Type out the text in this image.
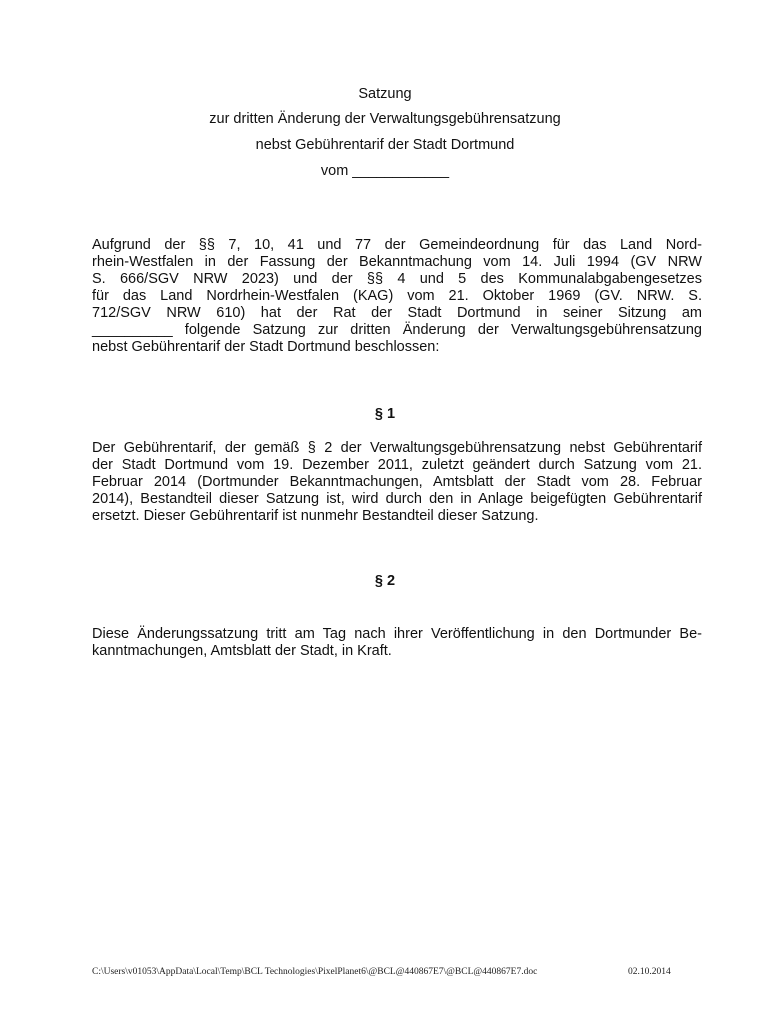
Satzung
zur dritten Änderung der Verwaltungsgebührensatzung
nebst Gebührentarif der Stadt Dortmund
vom ____________
Aufgrund der §§ 7, 10, 41 und 77 der Gemeindeordnung für das Land Nord-
rhein-Westfalen in der Fassung der Bekanntmachung vom 14. Juli 1994 (GV NRW
S. 666/SGV NRW 2023) und der §§ 4 und 5 des Kommunalabgabengesetzes
für das Land Nordrhein-Westfalen (KAG) vom 21. Oktober 1969 (GV. NRW. S.
712/SGV NRW 610) hat der Rat der Stadt Dortmund in seiner Sitzung am
__________ folgende Satzung zur dritten Änderung der Verwaltungsgebührensatzung
nebst Gebührentarif der Stadt Dortmund beschlossen:
§ 1
Der Gebührentarif, der gemäß § 2 der Verwaltungsgebührensatzung nebst Gebührentarif
der Stadt Dortmund vom 19. Dezember 2011, zuletzt geändert durch Satzung vom 21.
Februar 2014 (Dortmunder Bekanntmachungen, Amtsblatt der Stadt vom 28. Februar
2014), Bestandteil dieser Satzung ist, wird durch den in Anlage beigefügten Gebührentarif
ersetzt. Dieser Gebührentarif ist nunmehr Bestandteil dieser Satzung.
§ 2
Diese Änderungssatzung tritt am Tag nach ihrer Veröffentlichung in den Dortmunder Be-
kanntmachungen, Amtsblatt der Stadt, in Kraft.
C:\Users\v01053\AppData\Local\Temp\BCL Technologies\PixelPlanet6\@BCL@440867E7\@BCL@440867E7.doc	02.10.2014
